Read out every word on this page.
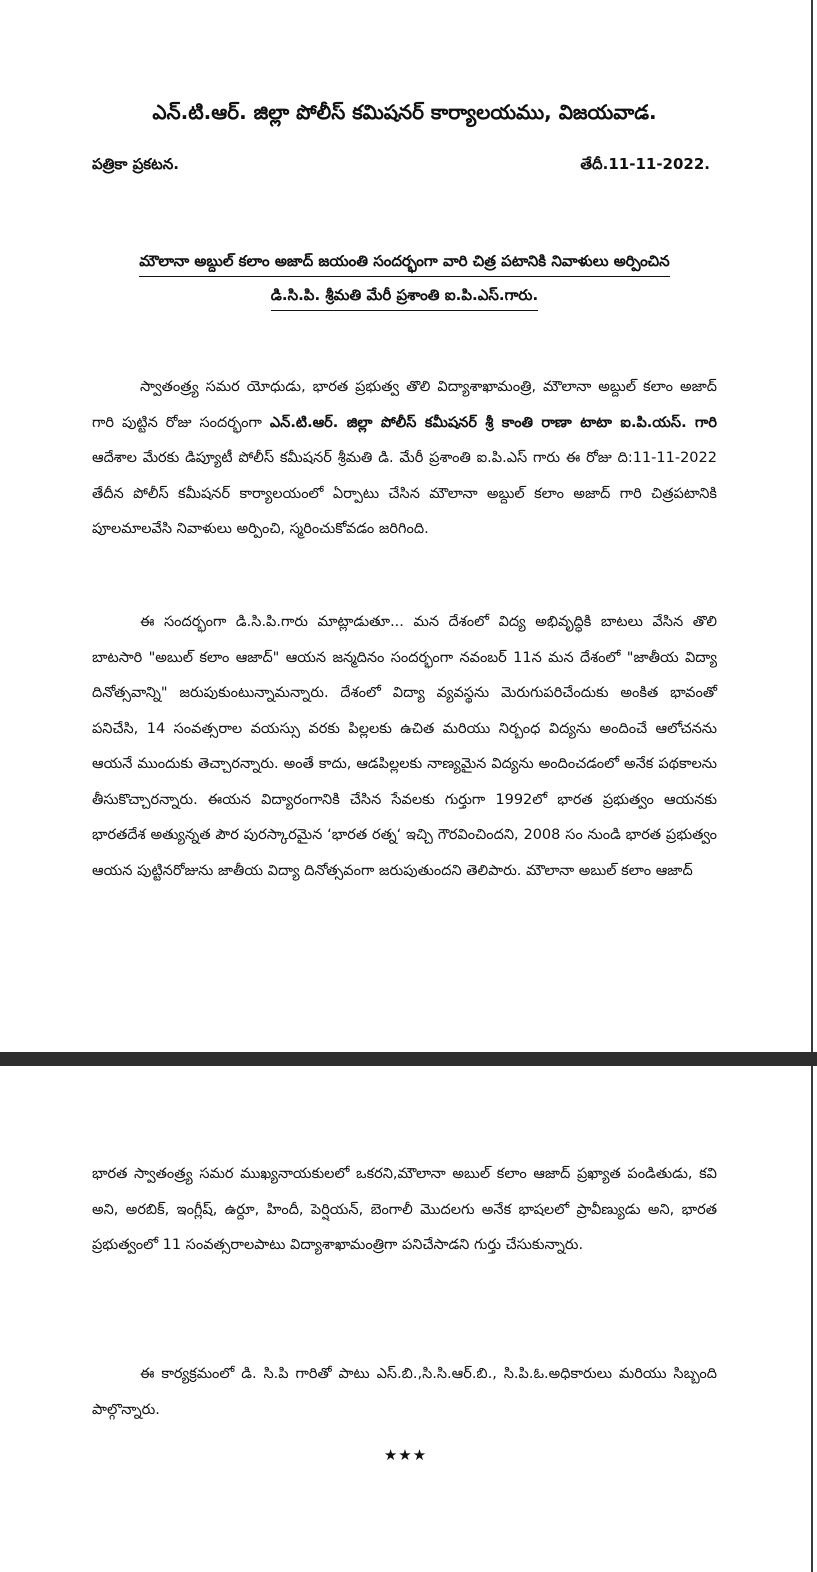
ఎన్.టి.ఆర్. జిల్లా పోలీస్ కమిషనర్ కార్యాలయము, విజయవాడ.
పత్రికా ప్రకటన.	తేదీ.11-11-2022.
మౌలానా అబ్దుల్ కలాం అజాద్ జయంతి సందర్భంగా వారి చిత్ర పటానికి నివాళులు అర్పించిన
డి.సి.పి. శ్రీమతి మేరీ ప్రశాంతి ఐ.పి.ఎస్.గారు.

స్వాతంత్ర్య సమర యోధుడు, భారత ప్రభుత్వ తొలి విద్యాశాఖామంత్రి, మౌలానా అబ్దుల్ కలాం అజాద్ గారి పుట్టిన రోజు సందర్భంగా ఎన్.టి.ఆర్. జిల్లా పోలీస్ కమీషనర్ శ్రీ కాంతి రాణా టాటా ఐ.పి.యస్. గారి ఆదేశాల మేరకు డిప్యూటీ పోలీస్ కమీషనర్ శ్రీమతి డి. మేరీ ప్రశాంతి ఐ.పి.ఎస్ గారు ఈ రోజు ది:11-11-2022 తేదీన పోలీస్ కమీషనర్ కార్యాలయంలో ఏర్పాటు చేసిన మౌలానా అబ్దుల్ కలాం అజాద్ గారి చిత్రపటానికి పూలమాలవేసి నివాళులు అర్పించి, స్మరించుకోవడం జరిగింది.

ఈ సందర్భంగా డి.సి.పి.గారు మాట్లాడుతూ... మన దేశంలో విద్య అభివృద్ధికి బాటలు వేసిన తొలి బాటసారి "అబుల్ కలాం ఆజాద్" ఆయన జన్మదినం సందర్భంగా నవంబర్ 11న మన దేశంలో "జాతీయ విద్యా దినోత్సవాన్ని" జరుపుకుంటున్నామన్నారు. దేశంలో విద్యా వ్యవస్థను మెరుగుపరిచేందుకు అంకిత భావంతో పనిచేసి, 14 సంవత్సరాల వయస్సు వరకు పిల్లలకు ఉచిత మరియు నిర్బంధ విద్యను అందించే ఆలోచనను ఆయనే ముందుకు తెచ్చారన్నారు. అంతే కాదు, ఆడపిల్లలకు నాణ్యమైన విద్యను అందించడంలో అనేక పథకాలను తీసుకొచ్చారన్నారు. ఈయన విద్యారంగానికి చేసిన సేవలకు గుర్తుగా 1992లో భారత ప్రభుత్వం ఆయనకు భారతదేశ అత్యున్నత పౌర పురస్కారమైన ‘భారత రత్న‘ ఇచ్చి గౌరవించిందని, 2008 సం నుండి భారత ప్రభుత్వం ఆయన పుట్టినరోజును జాతీయ విద్యా దినోత్సవంగా జరుపుతుందని తెలిపారు. మౌలానా అబుల్ కలాం ఆజాద్

భారత స్వాతంత్ర్య సమర ముఖ్యనాయకులలో ఒకరని,మౌలానా అబుల్ కలాం ఆజాద్ ప్రఖ్యాత పండితుడు, కవి అని, అరబిక్, ఇంగ్లీష్, ఉర్దూ, హిందీ, పెర్షియన్, బెంగాలీ మొదలగు అనేక భాషలలో ప్రావీణ్యుడు అని, భారత ప్రభుత్వంలో 11 సంవత్సరాలపాటు విద్యాశాఖామంత్రిగా పనిచేసాడని గుర్తు చేసుకున్నారు.

ఈ కార్యక్రమంలో డి. సి.పి గారితో పాటు ఎస్.బి.,సి.సి.ఆర్.బి., సి.పి.ఓ.అధికారులు మరియు సిబ్బంది పాల్గొన్నారు.

★★★
